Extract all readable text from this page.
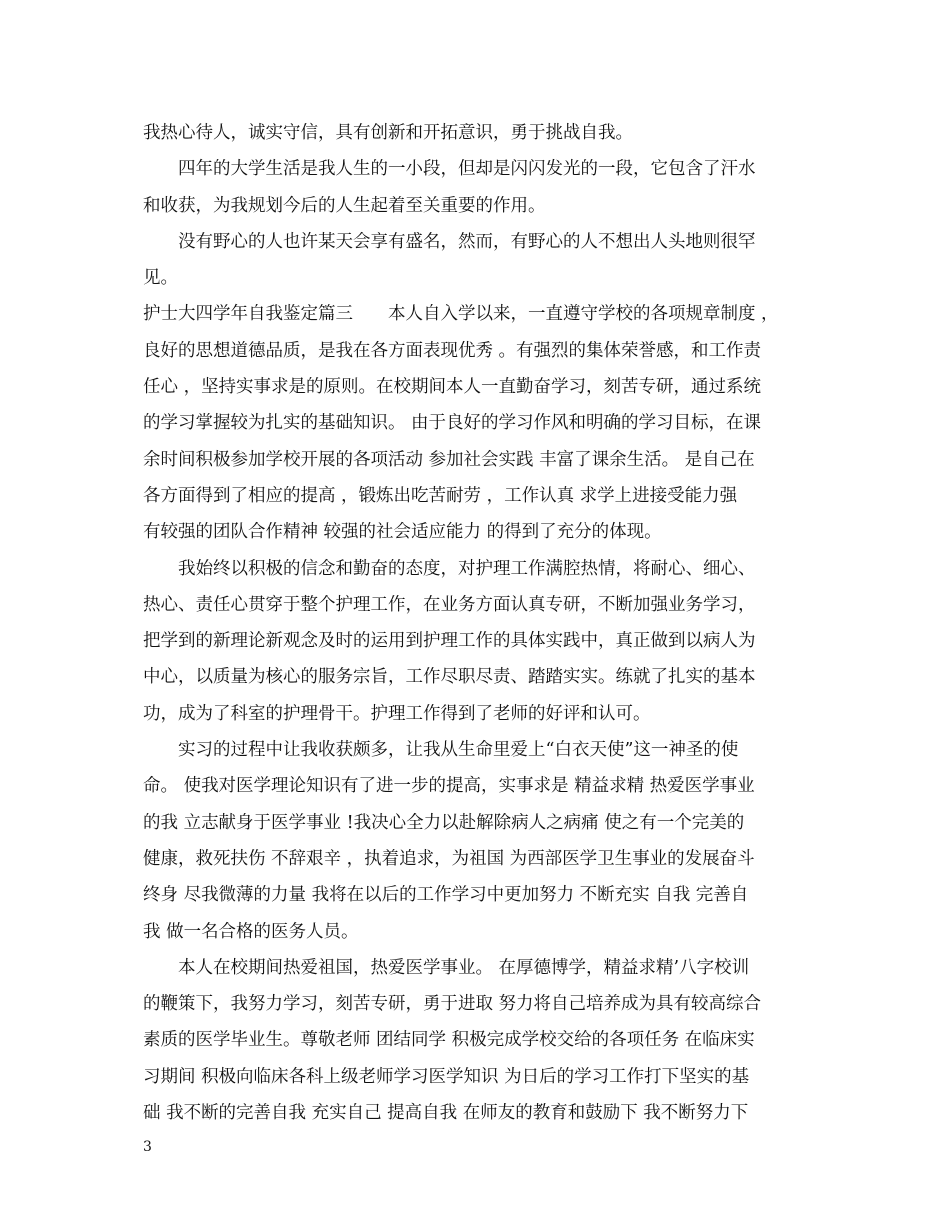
我热心待人，诚实守信，具有创新和开拓意识，勇于挑战自我。
四年的大学生活是我人生的一小段，但却是闪闪发光的一段，它包含了汗水
和收获，为我规划今后的人生起着至关重要的作用。
没有野心的人也许某天会享有盛名，然而，有野心的人不想出人头地则很罕
见。
护士大四学年自我鉴定篇三　　本人自入学以来，一直遵守学校的各项规章制度 ，
良好的思想道德品质，是我在各方面表现优秀 。有强烈的集体荣誉感，和工作责
任心 ，坚持实事求是的原则。在校期间本人一直勤奋学习，刻苦专研，通过系统
的学习掌握较为扎实的基础知识。 由于良好的学习作风和明确的学习目标，在课
余时间积极参加学校开展的各项活动 参加社会实践 丰富了课余生活。 是自己在
各方面得到了相应的提高 ，锻炼出吃苦耐劳 ，工作认真 求学上进接受能力强
有较强的团队合作精神 较强的社会适应能力 的得到了充分的体现。
我始终以积极的信念和勤奋的态度，对护理工作满腔热情，将耐心、细心、
热心、责任心贯穿于整个护理工作，在业务方面认真专研，不断加强业务学习，
把学到的新理论新观念及时的运用到护理工作的具体实践中，真正做到以病人为
中心，以质量为核心的服务宗旨，工作尽职尽责、踏踏实实。练就了扎实的基本
功，成为了科室的护理骨干。护理工作得到了老师的好评和认可。
实习的过程中让我收获颇多，让我从生命里爱上“白衣天使”这一神圣的使
命。 使我对医学理论知识有了进一步的提高，实事求是 精益求精 热爱医学事业
的我 立志献身于医学事业 !我决心全力以赴解除病人之病痛 使之有一个完美的
健康，救死扶伤 不辞艰辛 ，执着追求，为祖国 为西部医学卫生事业的发展奋斗
终身 尽我微薄的力量 我将在以后的工作学习中更加努力 不断充实 自我 完善自
我 做一名合格的医务人员。
本人在校期间热爱祖国，热爱医学事业。 在厚德博学，精益求精’八字校训
的鞭策下，我努力学习，刻苦专研，勇于进取 努力将自己培养成为具有较高综合
素质的医学毕业生。尊敬老师 团结同学 积极完成学校交给的各项任务 在临床实
习期间 积极向临床各科上级老师学习医学知识 为日后的学习工作打下坚实的基
础 我不断的完善自我 充实自己 提高自我 在师友的教育和鼓励下 我不断努力下
3
